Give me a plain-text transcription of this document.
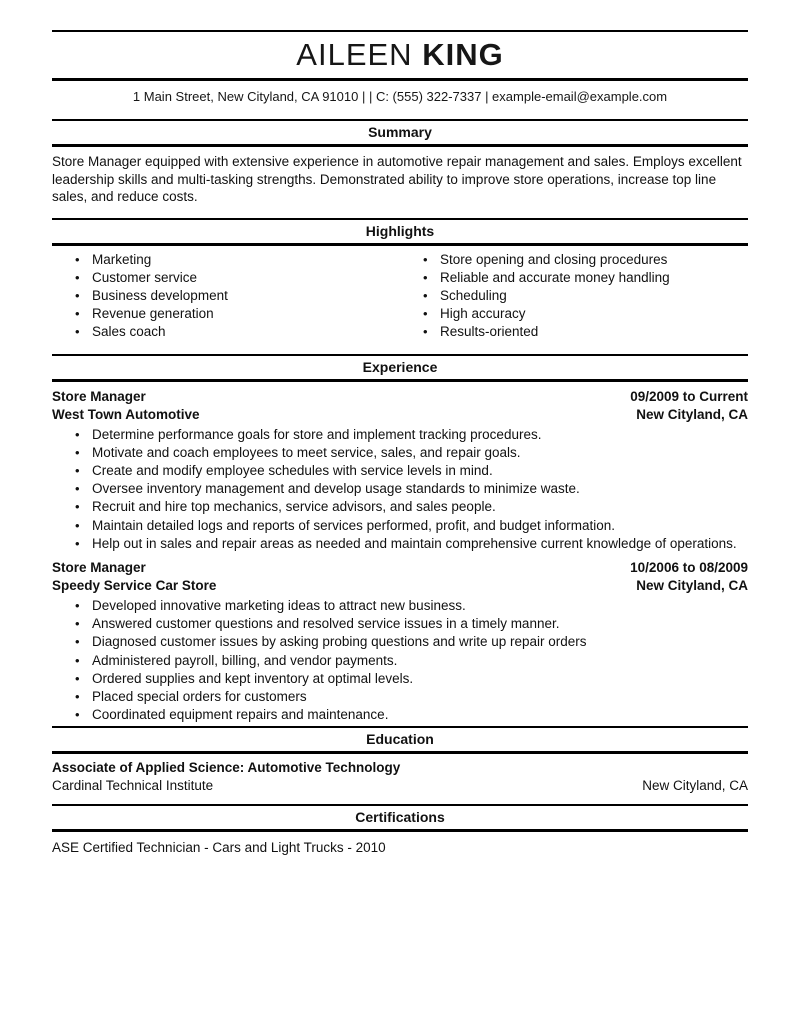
AILEEN KING
1 Main Street, New Cityland, CA 91010 | | C: (555) 322-7337 | example-email@example.com
Summary

Store Manager equipped with extensive experience in automotive repair management and sales. Employs excellent leadership skills and multi-tasking strengths. Demonstrated ability to improve store operations, increase top line sales, and reduce costs.

Highlights
• Marketing
• Customer service
• Business development
• Revenue generation
• Sales coach
• Store opening and closing procedures
• Reliable and accurate money handling
• Scheduling
• High accuracy
• Results-oriented
Experience
Store Manager
West Town Automotive
09/2009 to Current
New Cityland, CA
• Determine performance goals for store and implement tracking procedures.
• Motivate and coach employees to meet service, sales, and repair goals.
• Create and modify employee schedules with service levels in mind.
• Oversee inventory management and develop usage standards to minimize waste.
• Recruit and hire top mechanics, service advisors, and sales people.
• Maintain detailed logs and reports of services performed, profit, and budget information.
• Help out in sales and repair areas as needed and maintain comprehensive current knowledge of operations.
Store Manager
Speedy Service Car Store
10/2006 to 08/2009
New Cityland, CA
• Developed innovative marketing ideas to attract new business.
• Answered customer questions and resolved service issues in a timely manner.
• Diagnosed customer issues by asking probing questions and write up repair orders
• Administered payroll, billing, and vendor payments.
• Ordered supplies and kept inventory at optimal levels.
• Placed special orders for customers
• Coordinated equipment repairs and maintenance.
Education
Associate of Applied Science: Automotive Technology
Cardinal Technical Institute	New Cityland, CA
Certifications
ASE Certified Technician - Cars and Light Trucks - 2010
